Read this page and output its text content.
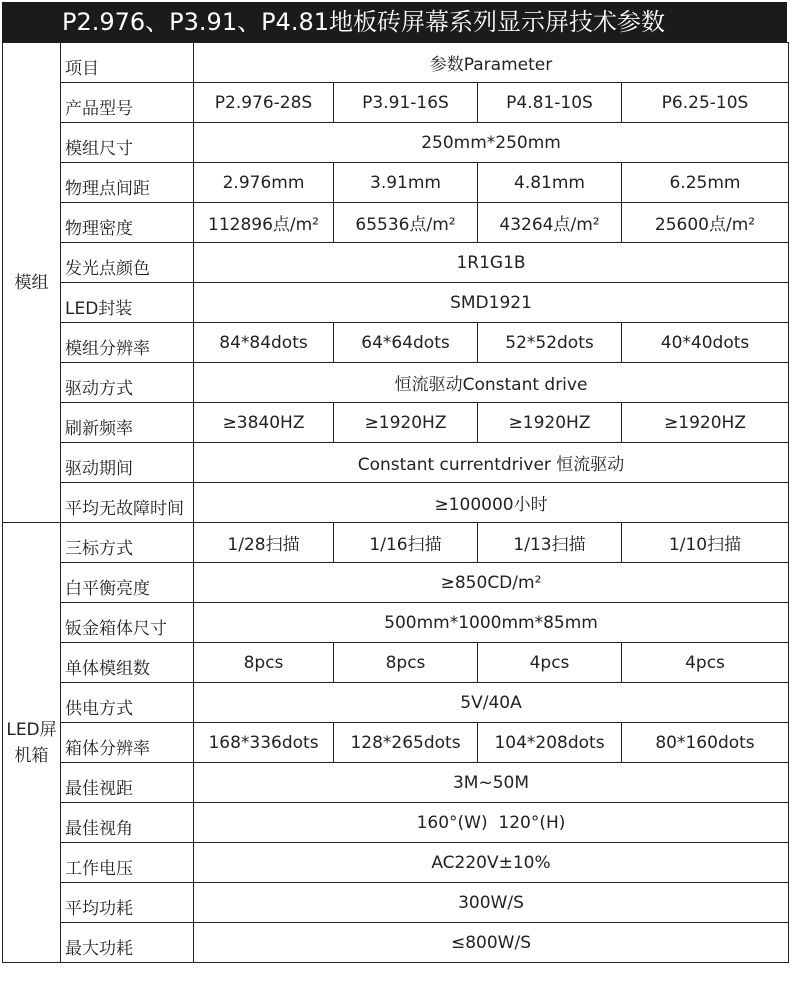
P2.976、P3.91、P4.81地板砖屏幕系列显示屏技术参数
模组	项目	参数Parameter			
	产品型号	P2.976-28S	P3.91-16S	P4.81-10S	P6.25-10S
	模组尺寸	250mm*250mm			
	物理点间距	2.976mm	3.91mm	4.81mm	6.25mm
	物理密度	112896点/m²	65536点/m²	43264点/m²	25600点/m²
	发光点颜色	1R1G1B			
	LED封装	SMD1921			
	模组分辨率	84*84dots	64*64dots	52*52dots	40*40dots
	驱动方式	恒流驱动Constant drive			
	刷新频率	≥3840HZ	≥1920HZ	≥1920HZ	≥1920HZ
	驱动期间	Constant currentdriver 恒流驱动			
	平均无故障时间	≥100000小时			
LED屏机箱	三标方式	1/28扫描	1/16扫描	1/13扫描	1/10扫描
	白平衡亮度	≥850CD/m²			
	钣金箱体尺寸	500mm*1000mm*85mm			
	单体模组数	8pcs	8pcs	4pcs	4pcs
	供电方式	5V/40A			
	箱体分辨率	168*336dots	128*265dots	104*208dots	80*160dots
	最佳视距	3M~50M			
	最佳视角	160°(W)  120°(H)			
	工作电压	AC220V±10%			
	平均功耗	300W/S			
	最大功耗	≤800W/S			
